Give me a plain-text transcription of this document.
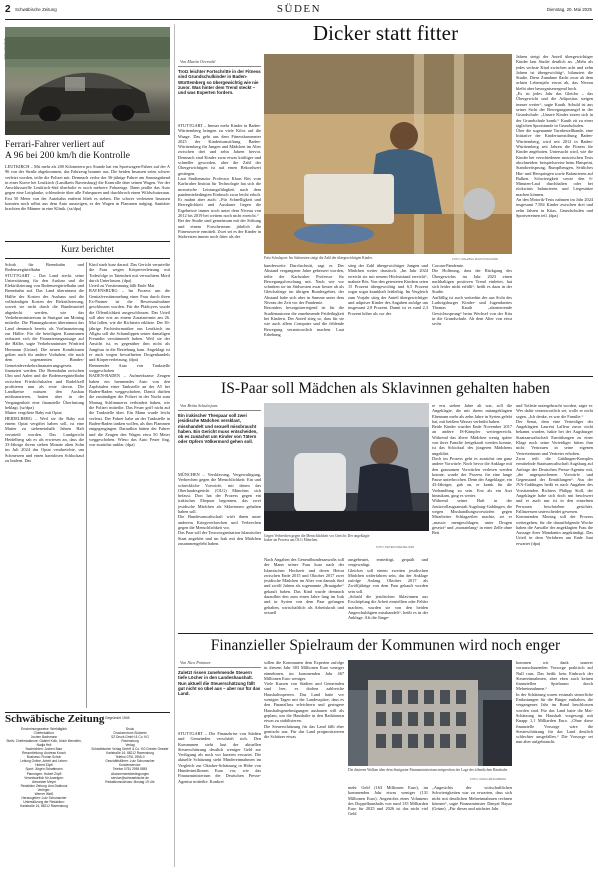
2 Schwäbische Zeitung	SÜDEN	Dienstag, 20. Mai 2025
FOTO: DPA/ANA
Ferrari-Fahrer verliert auf
A 96 bei 200 km/h die Kontrolle
LEUTKIRCH – Mit mehr als 200 Kilometern pro Stunde hat ein Sportwagen-Fahrer auf der A 96 von der Straße abgekommen, das Fahrzeug brannte aus. Die beiden Insassen seien schwer verletzt worden, teilte die Polizei mit. Demnach verlor der 36-jährige Fahrer am Sonntagabend in einer Kurve bei Leutkirch (Landkreis Ravensburg) die Kontrolle über seinen Wagen. Vor der Anschlussstelle Leutkirch-Süd überholte er noch mehrere Fahrzeuge. Dann prallte das Auto gegen eine Leitplanke, schleuderte über alle Fahrspuren und durchbrach einen Wildschutzzaun. Erst 50 Meter von der Autobahn entfernt blieb es stehen. Die schwer verletzten Insassen konnten noch selbst aus dem Auto aussteigen, es der Wagen in Flammen aufging. Sanitäter brachten die Männer in eine Klinik. (sz/dpa)
Kurz berichtet
Schub für Brennbahn und Bodenseegürtelbahn
STUTTGART – Das Land steckt seine Unterstützung für den Ausbau und die Elektrifizierung von Bodenseegürtelbahn und Brennbahn auf. Das Land übernimmt die Hälfte der Kosten des Ausbaus und die vollständigen Kosten der Elektrifizierung, soweit sie nicht durch die Bundesmittel abgedeckt werden, wie das Verkehrsministerium in Stuttgart am Montag mitteilte. Die Planungskosten übernimmt das Land demnach bereits als Vorfinanzierung zur Hälfte. Für die beteiligten Kommunen reduziert sich die Finanzierungszusage auf die Hälfte, sagte Verkehrsminister Winfried Hermann (Grüne). Die neuen Konditionen gelten auch für andere Vorhaben, die nach dem sogenannten Bundes-Gemeindeverkehrsfinanzierungsgesetz finanziert werden. Die Brennbahn zwischen Ulm und Aalen und die Bodenseegürtelbahn zwischen Friedrichshafen und Radolfzell profitieren nun als erste davon. Die Landkreise müssen den Ausbau mitfinanzieren, hatten aber in der Vergangenheit eine finanzielle Überlastung beklagt. (sz/dpa)
Mutter vergiftete Baby mit Opiat
HEIDELBERG – Weil sie ihr Baby mit einem Opiat vergiftet haben soll, ist eine Mutter zu siebeneinhalb Jahren Haft verurteilt worden. Das Landgericht Heidelberg sah es als erwiesen an, dass die 33-Jährige ihrem sieben Monate alten Sohn im Juli 2024 das Opiat verabreichte, um Schmerzen und einen harmlosen Schluckauf zu lindern. Das
Kind starb kurz darauf. Das Gericht verurteilte die Frau wegen Körperverletzung mit Todesfolge in Tateinheit mit versuchtem Mord durch Unterlassen. (dpa)
Urteil zu Vorstimmung fällt Ende Mai
RAVENSBURG – Im Prozess um die Genitalverstümmelung einer Frau durch ihren Ex-Partner ist die Beweisaufnahme geschlossen worden. Für die Plädoyers wurde die Öffentlichkeit ausgeschlossen. Das Urteil soll aber erst an einem Zusatztermin am 26. Mai fallen, wie die Richterin erklärte. Der 36-jährige Fachinformatiker aus Leutkirch im Allgäu soll die Schamlippen seiner damaligen Freundin verstümmelt haben. Weil sie der Ansicht ist, es gegenüber ihm nicht als Jungfrau in die Beziehung kam. Angeklagt ist er auch wegen bewaffneten Drogenhandels und Körperverletzung. (dpa)
Brennendes Auto von Tankstelle weggeschoben
BADEN-BADEN – Aufmerksame Zeugen haben ein brennendes Auto von den Zapfsäulen einer Tankstelle an der A5 bei Baden-Baden weggeschoben. Damit dürften die zuständigen die Polizei in der Nacht zum Montag Schlimmeres verhindert haben, wie die Polizei mitteilte. Das Feuer griff nicht auf die Tankstelle über. Ein Mann wurde leicht verletzt. Der Fahrer habe an der Tankstelle in Baden-Baden tanken wollen, als ihm Flammen entgegengingen. Daraufhin hätten der Fahrer und die Zeugen den Wagen etwa 50 Meter weggeschoben. Wieso das Auto Feuer fing, war zunächst unklar. (dpa)
Schwäbische Zeitung Gegründet 1945
Erscheinungsweise: Werktäglich
Chefredaktion:
Jochen Bachmann
Stellv. Chefredakteure: Gabriel Kolb, Ulrich Mendelin, Nadja Heil
Nachrichten: Jochen Baur
Ressortleitung: Andreas Knoch
Business: Florian Schuh
Leitung Online, Arbeit und Leben:
Hubert Zöpfl
Sport: Jürgen Schattmann
Planungen: Hubert Zöpfl
Verantwortlich für Anzeigen:
Alexander Meyer
Redaktion Zeitung: Ana Dabbous
Verleger:
Werner Weiß
Herausgeber: Lutz Schumacher
Unterstützung der Redaktion:
Karlstraße 16, 88212 Ravensburg
Druck
Druckzentrum Südwest
SZ Druck GmbH & Co. KG
Ravensburg
Verlag
Schwäbischer Verlag GmbH & Co. KG Drexler Gessler
Karlstraße 16, 88212 Ravensburg
Telefon 0751 2955-0
Geschäftsführer: Lutz Schumacher
Kundenservice:
Telefon 0751 2955 5555
Abonnementsbedingungen
service@schwaebische.de
Redaktionsschluss: Montag 19 Uhr
Dicker statt fitter
Von Martin Oversohl
Trotz leichter Fortschritte in der Fitness sind Grundschulkinder in Baden-Württemberg so übergewichtig wie nie zuvor. Was hinter dem Trend steckt – und was Experten fordern.
STUTTGART – Immer mehr Kinder in Baden-Württemberg bringen zu viele Kilos auf die Waage. Das geht aus dem Fitnessbarometer 2025 der Kinderturnstiftung Baden-Württemberg für Jungen und Mädchen im Alter zwischen drei und zehn Jahren hervor. Demnach sind Kinder zwar etwas kräftiger und schneller geworden, aber die Zahl der Übergewichtigen ist auf einen Rekordwert gestiegen.
Laut Studienautor Professor Klaus Bös vom Karlsruher Institut für Technologie hat sich die motorische Leistungsfähigkeit nach dem pandemiebedingten Einbruch zwar leicht erholt. Er mahnt aber auch: „Für Schnelligkeit und Beweglichkeit und Ausdauer liegen die Ergebnisse immer noch unter dem Niveau von 2012 bis 2019 bei weitem noch nicht erreicht.“
Bei der Studie sind gemeinsam mit der Stiftung und einem Forscherteam jährlich die Fitnesswerte ermittelt. Zwei sei es der Kinder in Südwesten immer noch fitter als der
Fritz Schulsport: Im Südwesten steigt die Zahl der übergewichtigen Kinder.	FOTO: MALWINA MAJKOVSKA/DPA
bundesweite Durchschnitt, sagt er. Der Abstand vergangener Jahre gebessert worden, teilte der Karlsruher Professor für Bewegungsforschung mit. Nach wie vor schnitten sie im Südwesten zwar besser ab als Gleichaltrige im übrigen Bundesgebiet, der Abstand habe sich aber in Summe unter dem Niveau der Zeit vor der Pandemie.
Besonders besorgniserregend ist für die Studienautoren die zunehmende Fettleibigkeit bei Kindern. Der Anteil stieg so, dass für sie wie auch allem Computer und die fehlende Bewegung verantwortlich machen. Laut Erhebung
stieg der Zahl übergewichtiger Jungen und Mädchen weiter drastisch. „Im Jahr 2024 erreicht sie mit neuem Höchststand erreicht“, mahnte Bös. Von den getesteten Kindern seien 15 Prozent übergewichtig und 6,5 Prozent sogar sogar krankhaft fettleibig. Im Vergleich zum Vorjahr stieg der Anteil übergewichtiger und adipöser Kinder des Angaben zufolge um insgesamt 2,8 Prozent. Damit ist es rund 2,3 Prozent höher als vor der
Corona-Pandemie.
Die Hoffnung, dass der Rückgang des Übergewichts im Jahr 2023 einen nachhaltigen positiven Trend einleitet, hat sich leider nicht erfüllt“, heißt es dazu in der Studie.
Auffällig ist auch weiterhin der aus Sicht des Ludwigsburger Kinder- und Jugendarztes Thomas Kauth „alarmierende Gewichtssprung“ beim Wechsel von der Kita in die Grundschule. Ab dem Alter von etwa sechs
Jahren steigt der Anteil übergewichtiger Kinder laut Studie deutlich an. „Mehr als jedes sechste Kind zwischen acht und zehn Jahren ist übergewichtig“, bilanziert die Studie. Diese Zunahme flacht zwar ab dem achten Lebensjahr etwas ab, das Niveau bleibt aber besorgniserregend hoch.
„Es ist jedes Jahr das Gleiche – das Übergewicht und die Adipositas steigen immer weiter“, sagte Kauth. Schuld ist aus seiner Sicht der Bewegungsmangel in der Grundschule: „Unsere Kinder sitzen sich in der Grundschule krank.“ Kauth zit zu einer täglichen Sportstunde in Grundschulen.
Über die sogenannte Turnbestellbande, eine Initiative der Kinderturnstiftung Baden-Württemberg, wird seit 2012 in Baden-Württemberg seit Jahren die Fitness für Kinder angeboten. Untersucht wird, wie die Kinder bei verschiedenen motorischen Tests abschneiden: beispielsweise beim Hinsprint, Standweitsprung, Rumpfbeugen, Seitliches Hin- und Herspringen sowie Balancieren auf Balken. Schwierigkeit sowie den 6-Minuten-Lauf durchhalten oder bei rückwärts balancieren und Liegestütze machen können.
An den Motorik-Tests nahmen im Jahr 2024 insgesamt 7.584 Kinder zwischen drei und zehn Jahren in Kitas, Grundschulen und Sportvereinen teil. (dpa)
IS-Paar soll Mädchen als Sklavinnen gehalten haben
Von Britta Schultejans
Ein irakischer Thespaar soll zwei jesidische Mädchen versklavt, misshandelt und sexuell missbraucht haben. Ein Gericht muss entscheiden, ob es zunächst um Kinder von Tätern oder Opfern Völkermord gehen soll.
MÜNCHEN – Versklavung, Vergewaltigung, Verbrechen gegen die Menschlichkeit: Ein und schreckliche Vorwürfe, mit denen das Oberlandesgericht (OLG) München sich befasst. Dort hat der Prozess gegen ein irakisches Ehepaar begonnen, das zwei jesidische Mädchen als Sklavinnen gehalten haben soll.
Die Bundesanwaltschaft wirft ihnen unter anderem Kriegsverbrechen und Verbrechen gegen die Menschlichkeit vor.
Das Paar soll der Terrororganisation Islamischer Staat angehört und im Irak mit den Mädchen zusammengelebt haben.
Gegen Verbrechen gegen die Menschlichkeit vor Gericht: Der angeklagte Iraker im Prozess am OLG München.
FOTO: PETER KNEFFEL/DPA
Nach Angaben des Generalbundesanwalts soll der Mann seiner Frau kurz nach der Islamischen Hochzeit und deren Heirat zwischen Ende 2015 und Oktober 2017 zwei jesidische Mädchen im Alter von damals fünf und zwölf Jahren als sogenannte „Brautgabe“ gekauft haben. Das Kind wurde demnach daraufhin den zum einen Jahre lang im Irak und in Syrien von dem Paar gefangen gehalten, wirtschaftlich als Arbeitskraft und sexuell
ausgebeutet, erniedrigt, gequält und vergewaltigt.
Gleiches soll einem zweiten jesidischen Mädchen widerfahren sein, das der Anklage zufolge Anfang Oktober 2017 als Zwölfjährige von dem Paar gekauft worden sein soll.
„Sobald die jesidischen Sklavinnen aus Erschöpfung die Arbeit einstellten oder Fehler machten, wurden sie von den beiden Angeschuldigten misshandelt“, heißt es in der Anklage. Als die Jünge-
re erst sieben Jahre alt war, soll die Angeklagte, die mit ihrem mitangeklagten Ehemann mehr als zehn Jahre in Syrien gelebt hat, mit heißem Wasser verbrüht haben.
Beide Kinder wurden Ende November 2017 an andere IS-Kämpfer weitergereicht. Während das ältere Mädchen wenig später von ihrer Familie freigekauft werden konnte, ist das Schicksal des jüngeren Mädchens ungeklärt.
Doch im Prozess geht es zunächst um ganz andere Vorwürfe: Noch bevor die Anklage mit den grausamen Vorwürfen verlesen werden konnte, wurde der Prozess für eine lange Pause unterbrochen. Denn der Angeklagte, ein 43-Jähriger, gab an, er krank für die Verhandlung zu sein. Erst als ein Arzt hinzukam, ging es weiter.
Während seiner Haft in der Justizvollzugsanstalt Augsburg-Gablingen, die wegen Misshandlungsvorwürfen gegen Mitarbeiter Schlagzeilen machte, sei er „massiv mengeschlagen, unter Drogen gesetzt“ und „monatelang“ in einer Zelle ohne Bett
und Toilette untergebracht worden, sagte er. Wer dafür verantwortlich sei, wolle er nicht sagen. „Ich denke, es war die Familie.“
Der Senat, dem eine Verteidiger der Angeklagten Laurent Lafleur zuvor nicht bekannt wurden, hakte bei der Augsburger Staatsanwaltschaft Ermittlungen zu einer Klage noch seine Verteidiger bitten ihm nicht Vertrauen in seine eigenen Vertreterinnen und Vertreter erhoben.
Zwar teilt die Gablingen-Komplex ermittelnde Staatsanwaltschaft Augsburg auf Anfrage der Deutschen Presse-Agentur mit, „die angesprochenen Vorwürfe und Gegenstand der Ermittlungen“. Aus der JVA-Gablingen heißt es nach Angaben des Vorsitzenden Richters Philipp Stoll, der Angeklagte habe sich doch mit beschwert und er auch nur ist in den einzelnen Personen beschrieben gesichtet. Fallinzessen unterscheidet gewesen.
Kommenden Montag soll der Prozess weitergehen, für die darauffolgende Woche haben die Anwälte der angeklagten Frau die Aussage ihrer Mandantin angekündigt. Das Urteil in dem Verfahren am Ende Juni erwartet (dpa)
Finanzieller Spielraum der Kommunen wird noch enger
Von Nico Pointner
Zuletzt rissen zunehmende Steuern tiefe Löcher in den Landeshaushalt. Nun aktuell die Steuerschätzung fällt gut nicht so übel aus – aber nur für das Land.
STUTTGART – Die Finanzkrise von Städten und Gemeinden verschärft sich. Den Kommunen steht laut der aktuellen Steuerschätzung deutlich weniger Geld zur Verfügung als noch vor kurzem erwartet. Die aktuelle Schätzung sieht Mindereinnahmen im Vergleich zur Oktober-Schätzung in Höhe von Hundertmillionen Euro vor, wie das Finanzministerium der Deutschen Presse-Agentur mitteilte. Konkret
sollen die Kommunen dem Experten zufolge in diesem Jahr 383 Millionen Euro weniger einnehmen, im kommenden Jahr 467 Millionen Euro weniger.
Viele Kassen von Städten und Gemeinden sind leer, es drohen zahlreiche Haushaltssperren. Das Land hatte vor wenigen Tagen mit der Landesspitze, dass es den Finanzfluss erleichtern und geringere Haushaltsgenehmigungen ausbauen will als geplant, um die Haushalte in den Rathäusern etwas zu stabilisieren.
Die Steuerschätzung für das Land fällt eher gemischt aus: Für das Land prognostizieren die Schätzer etwas
Die düsteren Wolken über dem Stuttgarter Finanzministerium entsprechen der Lage der öffentlichen Haushalte.
FOTO: ANNA HIRSCHBERG
mehr Geld (163 Millionen Euro), im kommenden Jahr etwas weniger (131 Millionen Euro). Angesichts eines Volumens des Doppelhaushalts von rund 135 Milliarden Euro für 2025 und 2026 ist das nicht viel Geld.
„Angesichts der wirtschaftlichen Schwierigkeiten war zu erwarten, dass sich nicht mit deutlichen Mehreinnahmen rechnen können“, sagte Finanzminister Danyal Bayaz (Grüne). „Für dieses und nächstes Jahr
kommen wir dank unserer vorausschauenden Vorsorge praktisch auf Null raus. Das heißt: kein Einbruch der Steuereinnahmen, aber eben auch keinen finanziellen Spielraum durch Mehreinnahmen.“
In der Schätzung waren erstmals steuerliche Entlastungen für die Bürger enthalten, die vergangenes Jahr im Bund beschlossen worden sind. Für das Land hatte die Mai-Schätzung im Haushalt vorgesorgt mit Knapp 1,1 Milliarden Euro. „Ohne diese finanzielle Vorsorge wäre die Steuerschätzung für das Land deutlich schlechter ausgefallen.“ Die Vorsorge sei nun aber aufgebraucht.
